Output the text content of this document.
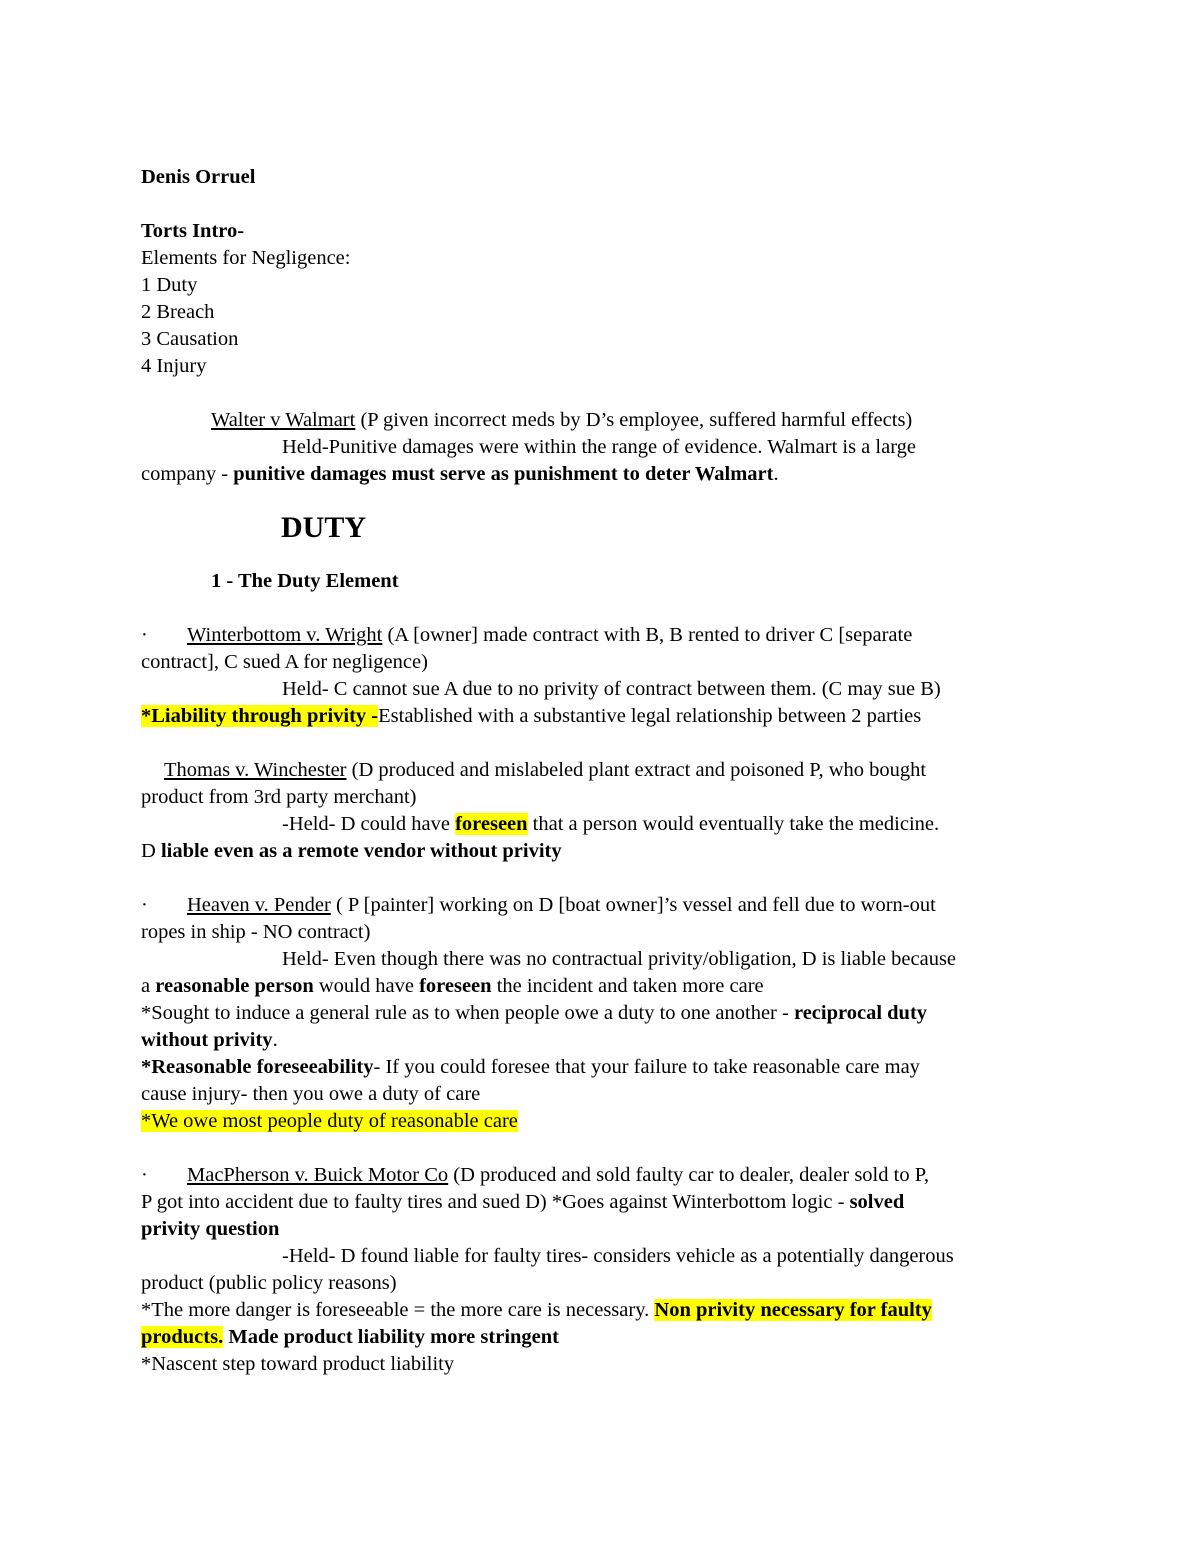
Denis Orruel

Torts Intro-

Elements for Negligence:

1 Duty

2 Breach

3 Causation

4 Injury

Walter v Walmart (P given incorrect meds by D’s employee, suffered harmful effects)

Held-Punitive damages were within the range of evidence. Walmart is a large

company - punitive damages must serve as punishment to deter Walmart.

DUTY

1 - The Duty Element

· Winterbottom v. Wright (A [owner] made contract with B, B rented to driver C [separate

contract], C sued A for negligence)

Held- C cannot sue A due to no privity of contract between them. (C may sue B)

*Liability through privity -Established with a substantive legal relationship between 2 parties

Thomas v. Winchester (D produced and mislabeled plant extract and poisoned P, who bought

product from 3rd party merchant)

-Held- D could have foreseen that a person would eventually take the medicine.

D liable even as a remote vendor without privity

· Heaven v. Pender ( P [painter] working on D [boat owner]’s vessel and fell due to worn-out

ropes in ship - NO contract)

Held- Even though there was no contractual privity/obligation, D is liable because

a reasonable person would have foreseen the incident and taken more care

*Sought to induce a general rule as to when people owe a duty to one another - reciprocal duty

without privity.

*Reasonable foreseeability- If you could foresee that your failure to take reasonable care may

cause injury- then you owe a duty of care

*We owe most people duty of reasonable care

· MacPherson v. Buick Motor Co (D produced and sold faulty car to dealer, dealer sold to P,

P got into accident due to faulty tires and sued D) *Goes against Winterbottom logic - solved

privity question

-Held- D found liable for faulty tires- considers vehicle as a potentially dangerous

product (public policy reasons)

*The more danger is foreseeable = the more care is necessary. Non privity necessary for faulty

products. Made product liability more stringent

*Nascent step toward product liability
